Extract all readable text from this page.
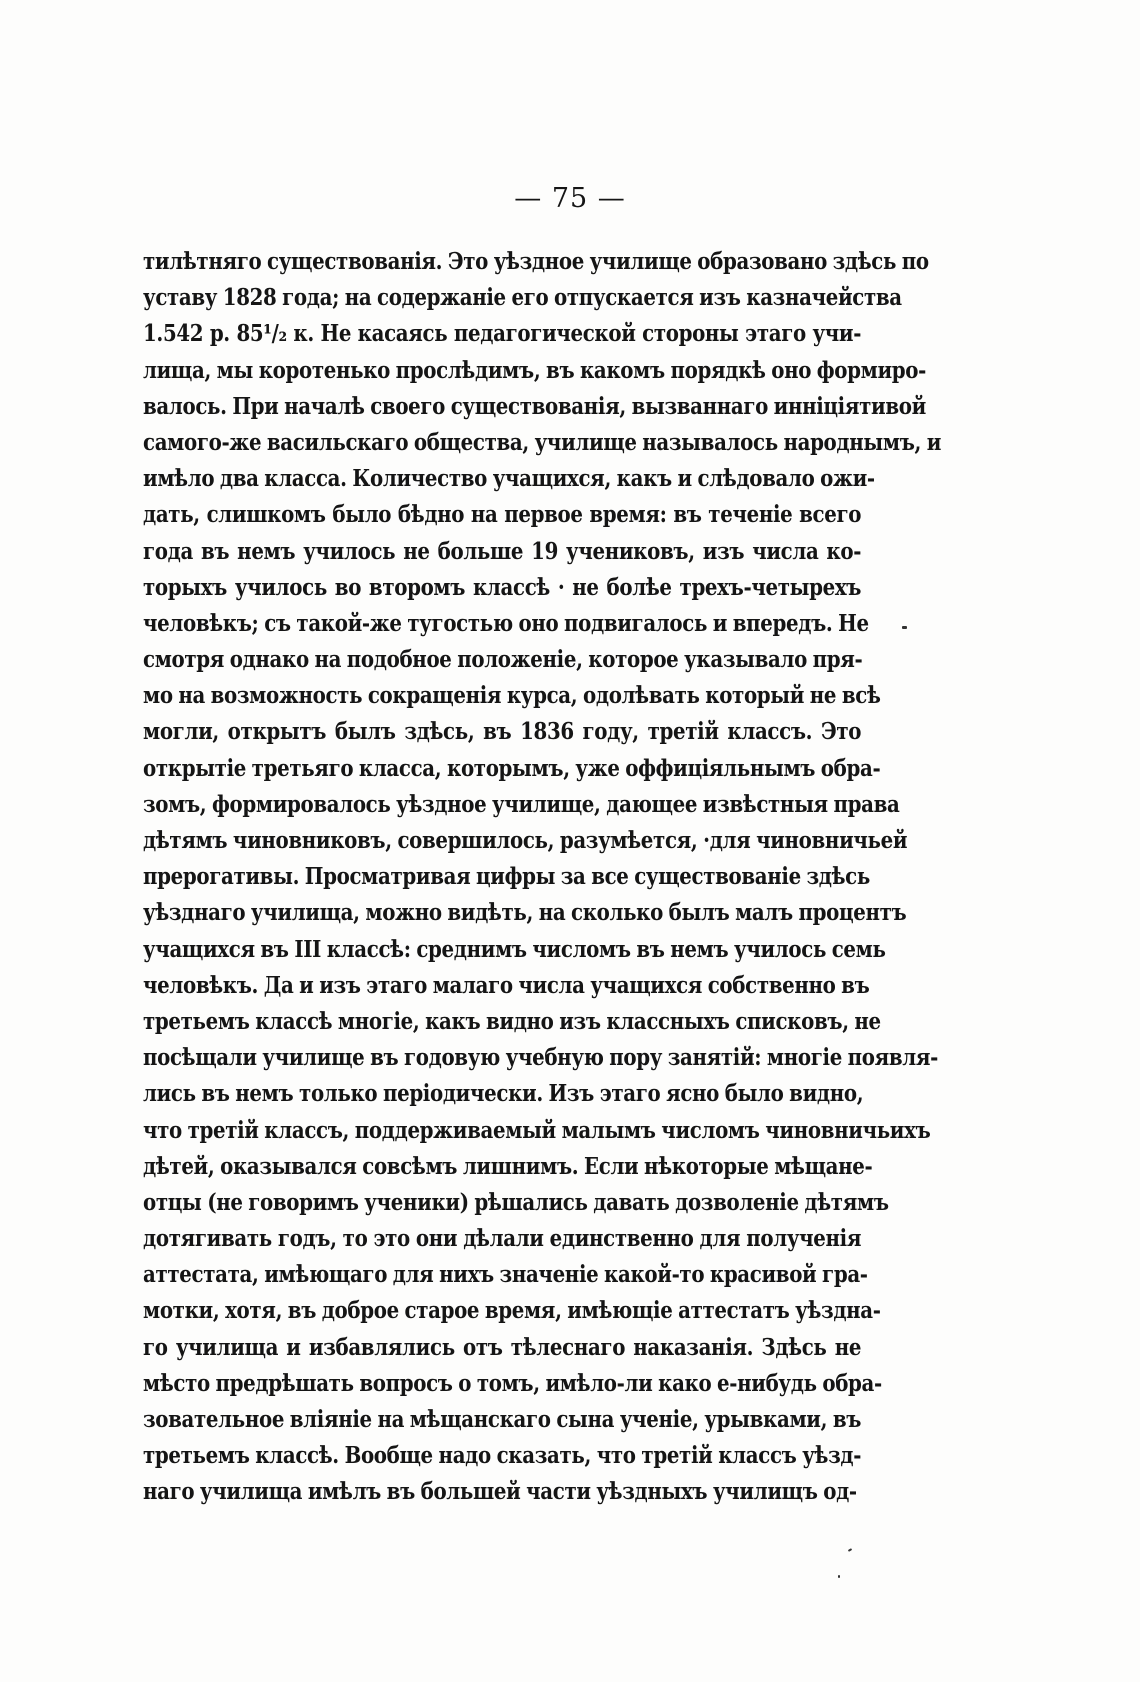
— 75 —
тилѣтняго существованія. Это уѣздное училище образовано здѣсь по
уставу 1828 года; на содержаніе его отпускается изъ казначейства
1.542 р. 85¹/₂ к. Не касаясь педагогической стороны этаго учи-
лища, мы коротенько прослѣдимъ, въ какомъ порядкѣ оно формиро-
валось. При началѣ своего существованія, вызваннаго инніціятивой
самого-же васильскаго общества, училище называлось народнымъ, и
имѣло два класса. Количество учащихся, какъ и слѣдовало ожи-
дать, слишкомъ было бѣдно на первое время: въ теченіе всего
года въ немъ училось не больше 19 учениковъ, изъ числа ко-
торыхъ училось во второмъ классѣ · не болѣе трехъ-четырехъ
человѣкъ; съ такой-же тугостью оно подвигалось и впередъ. Не
смотря однако на подобное положеніе, которое указывало пря-
мо на возможность сокращенія курса, одолѣвать который не всѣ
могли, открытъ былъ здѣсь, въ 1836 году, третій классъ. Это
открытіе третьяго класса, которымъ, уже оффиціяльнымъ обра-
зомъ, формировалось уѣздное училище, дающее извѣстныя права
дѣтямъ чиновниковъ, совершилось, разумѣется, ·для чиновничьей
прерогативы. Просматривая цифры за все существованіе здѣсь
уѣзднаго училища, можно видѣть, на сколько былъ малъ процентъ
учащихся въ III классѣ: среднимъ числомъ въ немъ училось семь
человѣкъ. Да и изъ этаго малаго числа учащихся собственно въ
третьемъ классѣ многіе, какъ видно изъ классныхъ списковъ, не
посѣщали училище въ годовую учебную пору занятій: многіе появля-
лись въ немъ только періодически. Изъ этаго ясно было видно,
что третій классъ, поддерживаемый малымъ числомъ чиновничьихъ
дѣтей, оказывался совсѣмъ лишнимъ. Если нѣкоторые мѣщане-
отцы (не говоримъ ученики) рѣшались давать дозволеніе дѣтямъ
дотягивать годъ, то это они дѣлали единственно для полученія
аттестата, имѣющаго для нихъ значеніе какой-то красивой гра-
мотки, хотя, въ доброе старое время, имѣющіе аттестатъ уѣздна-
го училища и избавлялись отъ тѣлеснаго наказанія. Здѣсь не
мѣсто предрѣшать вопросъ о томъ, имѣло-ли како е-нибудь обра-
зовательное вліяніе на мѣщанскаго сына ученіе, урывками, въ
третьемъ классѣ. Вообще надо сказать, что третій классъ уѣзд-
наго училища имѣлъ въ большей части уѣздныхъ училищъ од-
